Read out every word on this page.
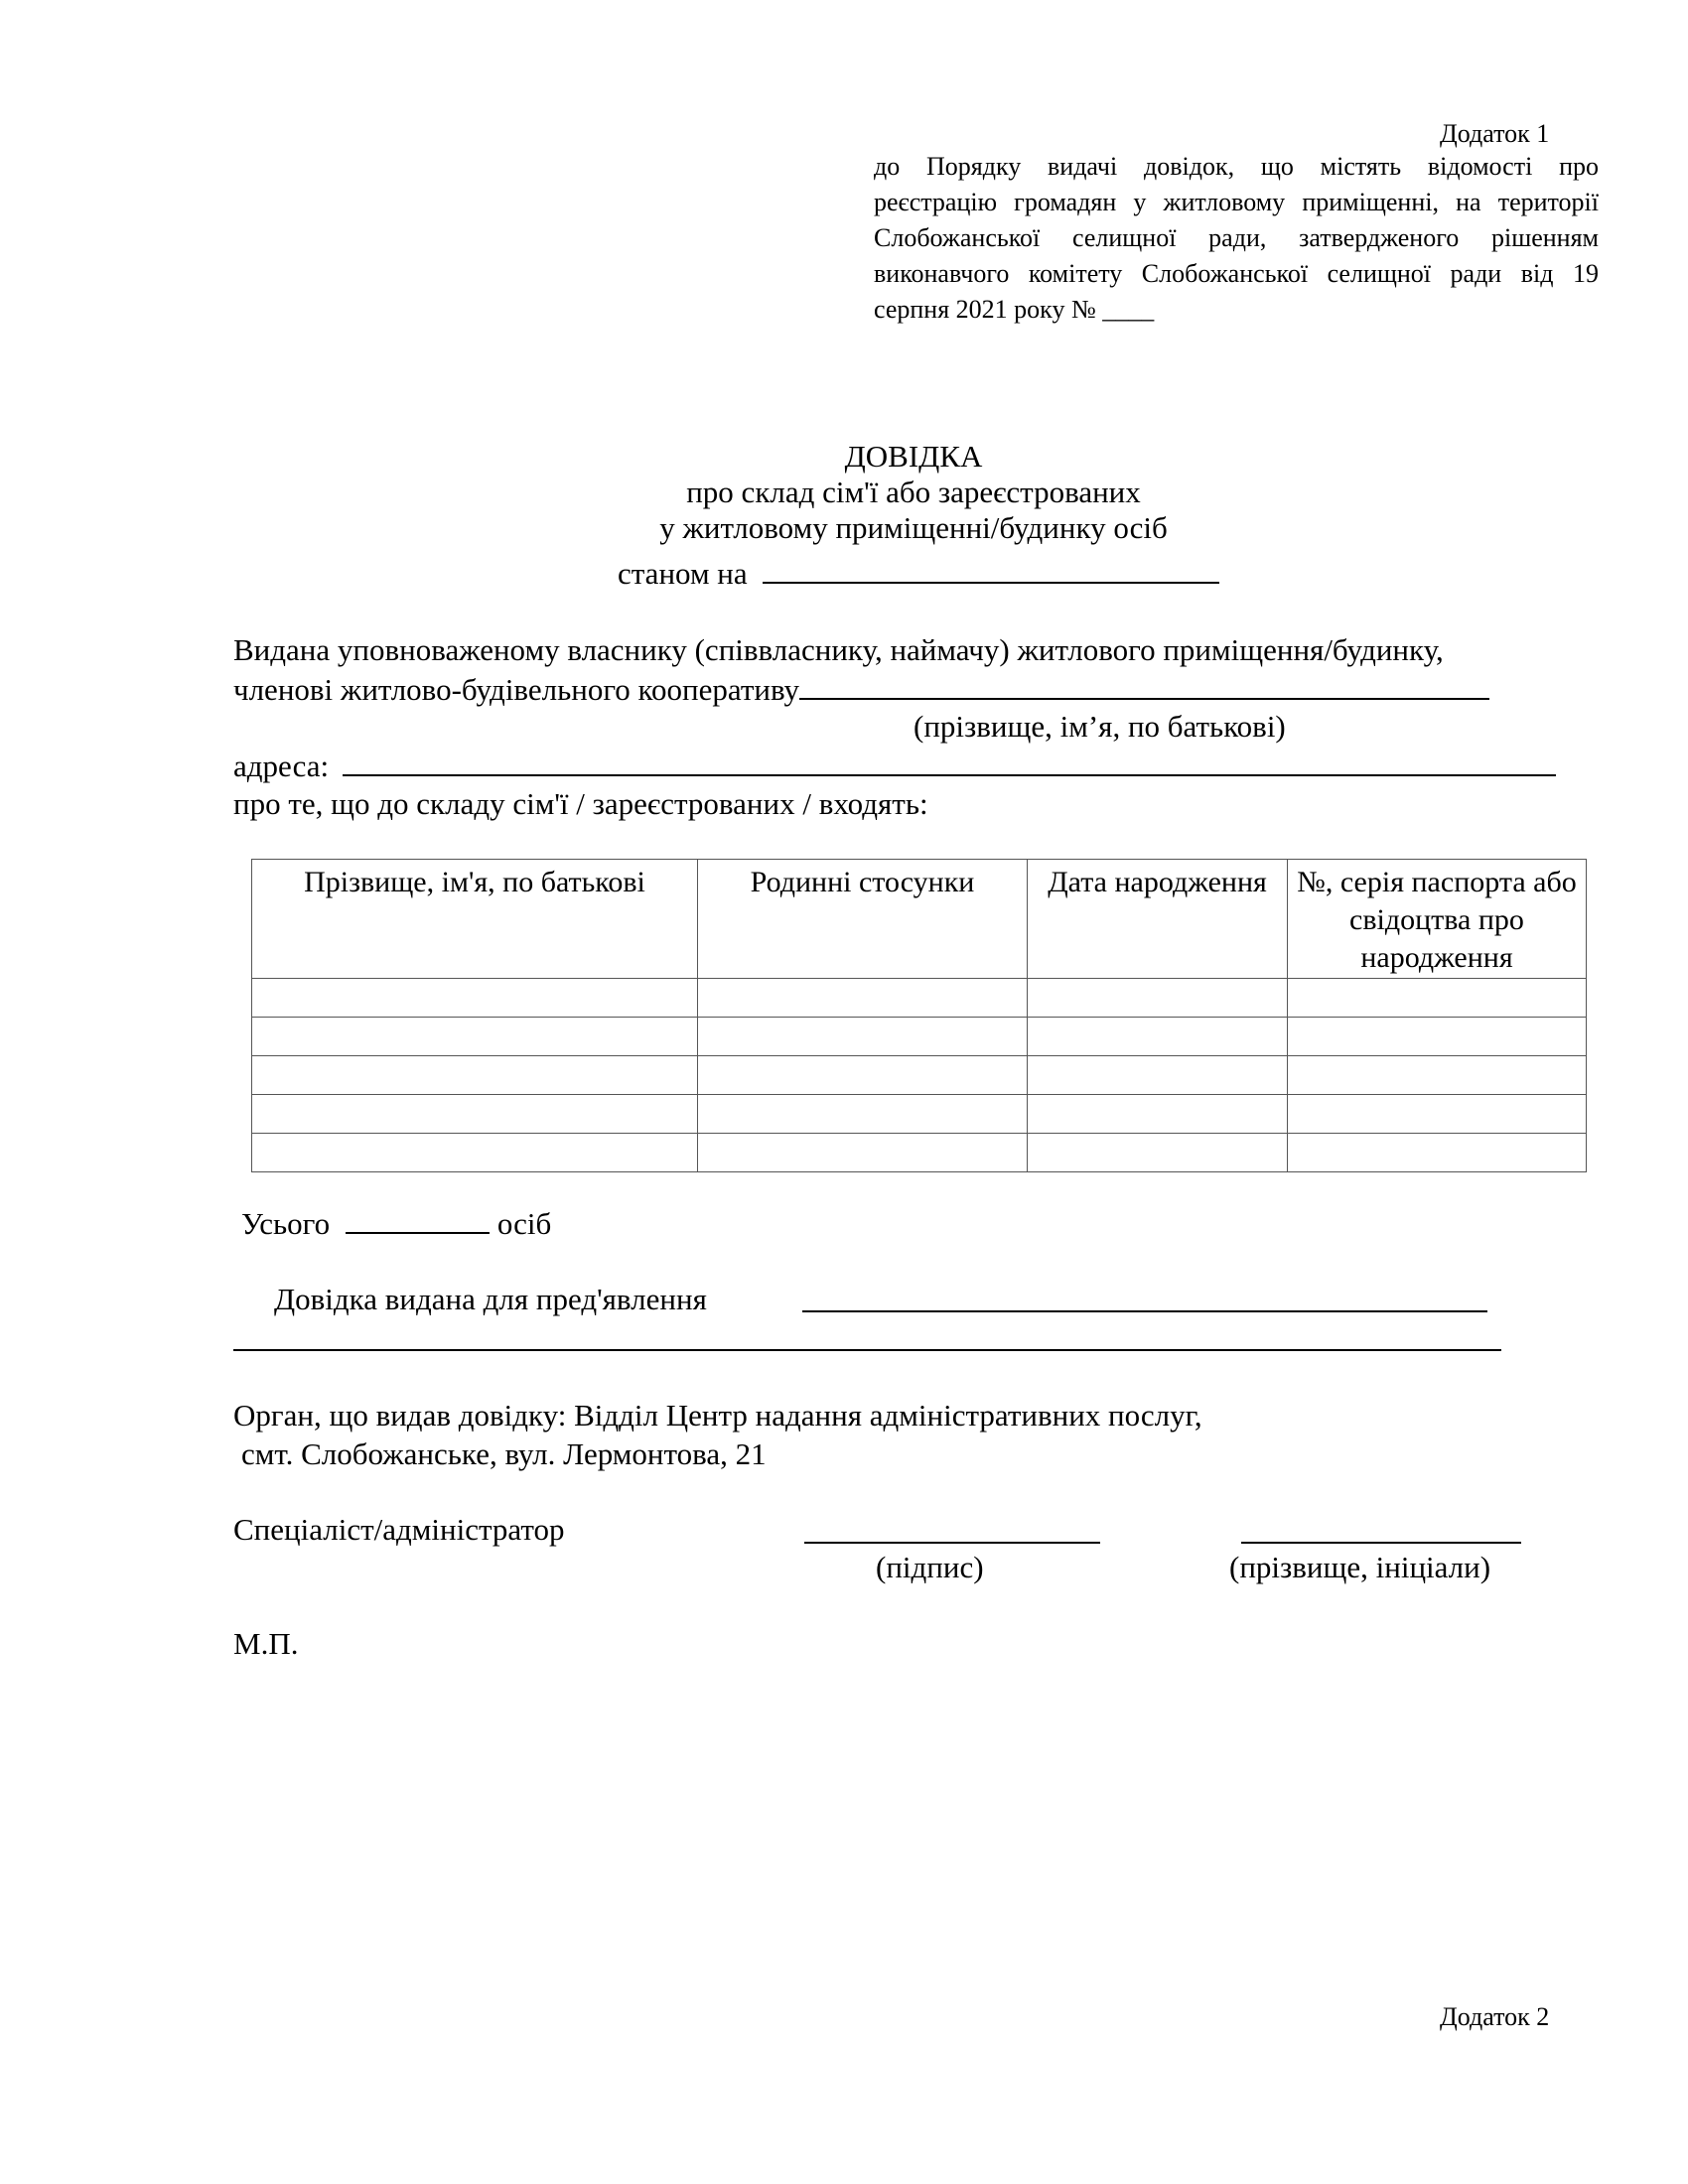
Додаток 1
до Порядку видачі довідок, що містять відомості про
реєстрацію громадян у житловому приміщенні, на території
Слобожанської селищної ради, затвердженого рішенням
виконавчого комітету Слобожанської селищної ради від 19
серпня 2021 року № ____
ДОВІДКА
про склад сім'ї або зареєстрованих
у житловому приміщенні/будинку осіб
станом на
Видана уповноваженому власнику (співвласнику, наймачу) житлового приміщення/будинку,
членові житлово-будівельного кооперативу
(прізвище, ім’я, по батькові)
адреса:
про те, що до складу сім'ї / зареєстрованих / входять:
Прізвище, ім'я, по батькові	Родинні стосунки	Дата народження	№, серія паспорта або свідоцтва про народження

Усього	осіб
Довідка видана для пред'явлення
Орган, що видав довідку: Відділ Центр надання адміністративних послуг,
смт. Слобожанське, вул. Лермонтова, 21
Спеціаліст/адміністратор
(підпис)	(прізвище, ініціали)
М.П.
Додаток 2
